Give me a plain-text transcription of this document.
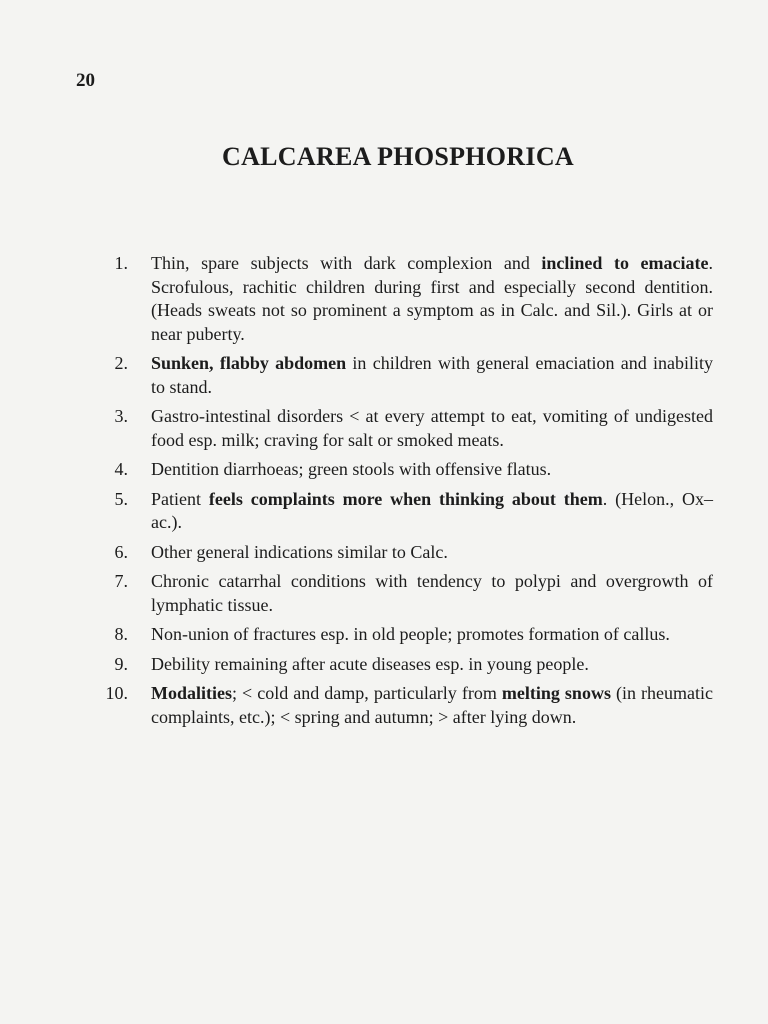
20
CALCAREA PHOSPHORICA
1. Thin, spare subjects with dark complexion and inclined to emaciate. Scrofulous, rachitic children during first and especially second dentition. (Heads sweats not so prominent a symptom as in Calc. and Sil.). Girls at or near puberty.
2. Sunken, flabby abdomen in children with general emaciation and inability to stand.
3. Gastro-intestinal disorders < at every attempt to eat, vomiting of undigested food esp. milk; craving for salt or smoked meats.
4. Dentition diarrhoeas; green stools with offensive flatus.
5. Patient feels complaints more when thinking about them. (Helon., Ox–ac.).
6. Other general indications similar to Calc.
7. Chronic catarrhal conditions with tendency to polypi and overgrowth of lymphatic tissue.
8. Non-union of fractures esp. in old people; promotes formation of callus.
9. Debility remaining after acute diseases esp. in young people.
10. Modalities; < cold and damp, particularly from melting snows (in rheumatic complaints, etc.); < spring and autumn; > after lying down.
